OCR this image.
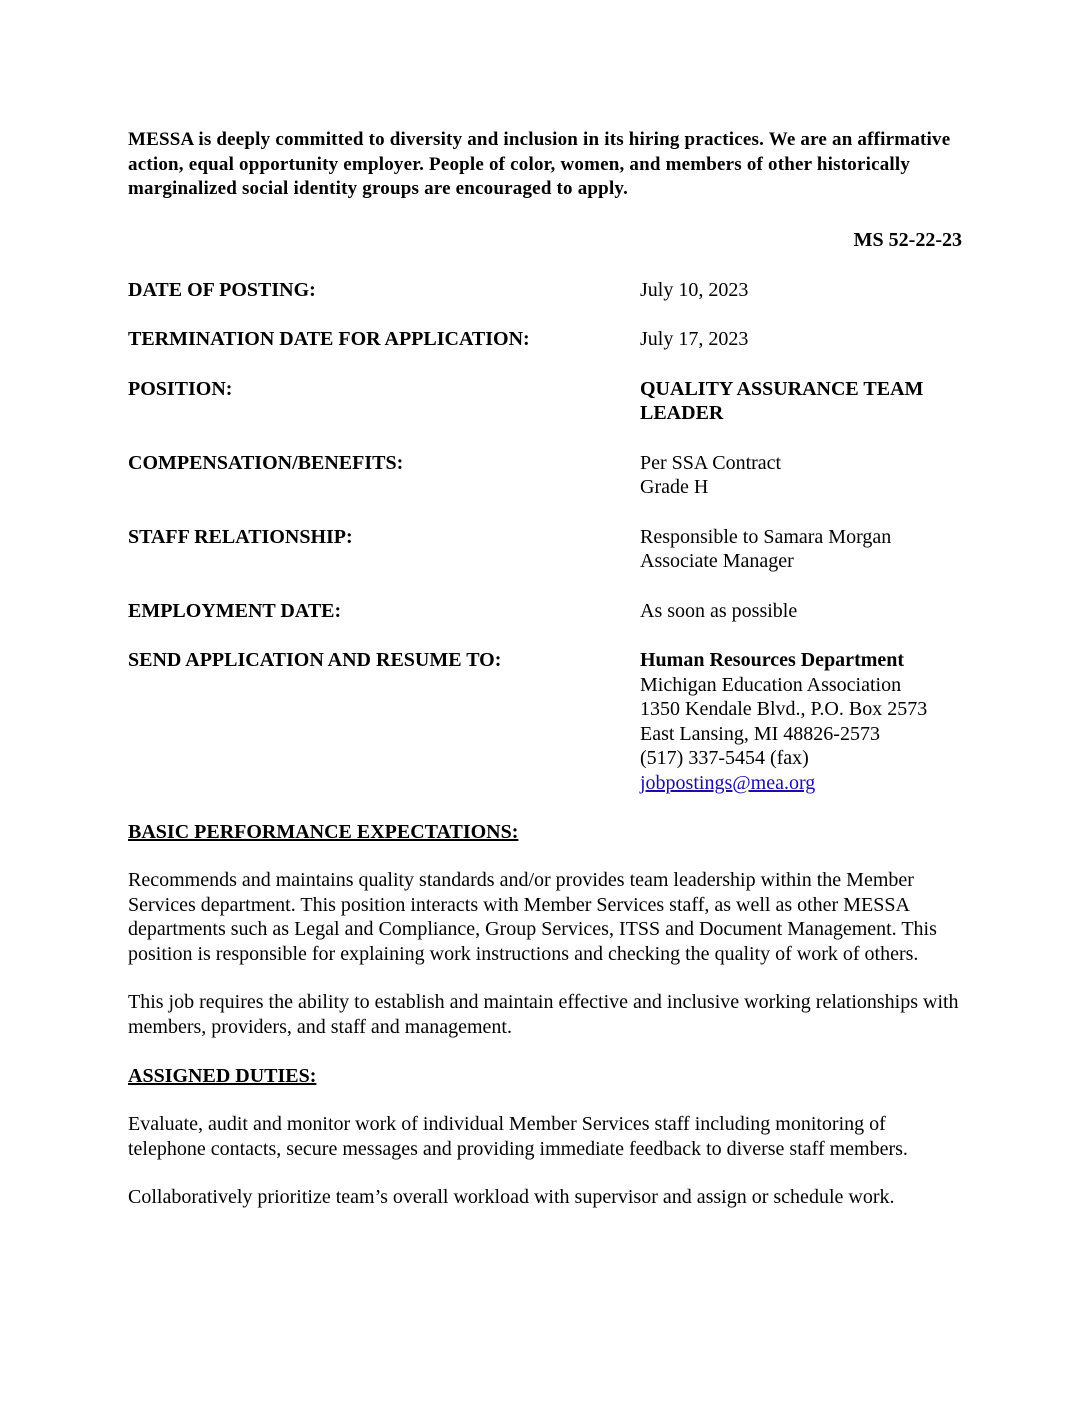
MESSA is deeply committed to diversity and inclusion in its hiring practices. We are an affirmative action, equal opportunity employer. People of color, women, and members of other historically marginalized social identity groups are encouraged to apply.

MS 52-22-23
DATE OF POSTING:	July 10, 2023
TERMINATION DATE FOR APPLICATION:	July 17, 2023
POSITION:	QUALITY ASSURANCE TEAM
LEADER
COMPENSATION/BENEFITS:	Per SSA Contract
Grade H
STAFF RELATIONSHIP:	Responsible to Samara Morgan
Associate Manager
EMPLOYMENT DATE:	As soon as possible
SEND APPLICATION AND RESUME TO:	Human Resources Department
Michigan Education Association
1350 Kendale Blvd., P.O. Box 2573
East Lansing, MI 48826-2573
(517) 337-5454 (fax)
jobpostings@mea.org
BASIC PERFORMANCE EXPECTATIONS:

Recommends and maintains quality standards and/or provides team leadership within the Member Services department. This position interacts with Member Services staff, as well as other MESSA departments such as Legal and Compliance, Group Services, ITSS and Document Management. This position is responsible for explaining work instructions and checking the quality of work of others.

This job requires the ability to establish and maintain effective and inclusive working relationships with members, providers, and staff and management.

ASSIGNED DUTIES:

Evaluate, audit and monitor work of individual Member Services staff including monitoring of telephone contacts, secure messages and providing immediate feedback to diverse staff members.

Collaboratively prioritize team’s overall workload with supervisor and assign or schedule work.
